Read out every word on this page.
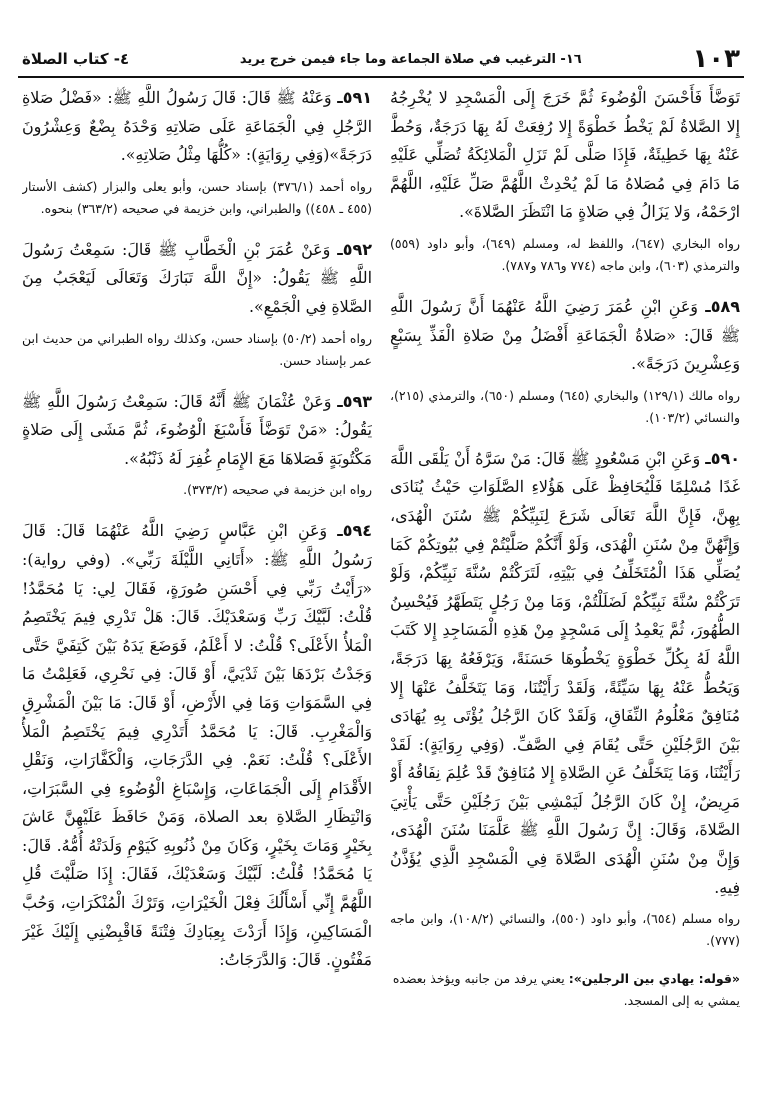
١٠٣
١٦- الترغيب في صلاة الجماعة وما جاء فيمن خرج يريد
٤- كتاب الصلاة

تَوَضَّأَ فَأَحْسَنَ الْوُضُوءَ ثُمَّ خَرَجَ إِلَى الْمَسْجِدِ لا يُخْرِجُهُ إِلا الصَّلاةُ لَمْ يَخْطُ خَطْوَةً إِلا رُفِعَتْ لَهُ بِهَا دَرَجَةٌ، وَحُطَّ عَنْهُ بِهَا خَطِيئَةٌ، فَإِذَا صَلَّى لَمْ تَزَلِ الْمَلائِكَةُ تُصَلِّي عَلَيْهِ مَا دَامَ فِي مُصَلاهُ مَا لَمْ يُحْدِثْ اللَّهُمَّ صَلِّ عَلَيْهِ، اللَّهُمَّ ارْحَمْهُ، وَلا يَزَالُ فِي صَلاةٍ مَا انْتَظَرَ الصَّلاةَ».

رواه البخاري (٦٤٧)، واللفظ له، ومسلم (٦٤٩)، وأبو داود (٥٥٩) والترمذي (٦٠٣)، وابن ماجه (٧٧٤ و٧٨٦ و٧٨٧).

٥٨٩ـ وَعَنِ ابْنِ عُمَرَ رَضِيَ اللَّهُ عَنْهُمَا أَنَّ رَسُولَ اللَّهِ ﷺ قَالَ: «صَلاةُ الْجَمَاعَةِ أَفْضَلُ مِنْ صَلاةِ الْفَذِّ بِسَبْعٍ وَعِشْرِينَ دَرَجَةً».

رواه مالك (١٢٩/١) والبخاري (٦٤٥) ومسلم (٦٥٠)، والترمذي (٢١٥)، والنسائي (١٠٣/٢).

٥٩٠ـ وَعَنِ ابْنِ مَسْعُودٍ ﷺ قَالَ: مَنْ سَرَّهُ أَنْ يَلْقَى اللَّهَ غَدًا مُسْلِمًا فَلْيُحَافِظْ عَلَى هَؤُلاءِ الصَّلَوَاتِ حَيْثُ يُنَادَى بِهِنَّ، فَإِنَّ اللَّهَ تَعَالَى شَرَعَ لِنَبِيِّكُمْ ﷺ سُنَنَ الْهُدَى، وَإِنَّهُنَّ مِنْ سُنَنِ الْهُدَى، وَلَوْ أَنَّكُمْ صَلَّيْتُمْ فِي بُيُوتِكُمْ كَمَا يُصَلِّي هَذَا الْمُتَخَلِّفُ فِي بَيْتِهِ، لَتَرَكْتُمْ سُنَّةَ نَبِيِّكُمْ، وَلَوْ تَرَكْتُمْ سُنَّةَ نَبِيِّكُمْ لَضَلَلْتُمْ، وَمَا مِنْ رَجُلٍ يَتَطَهَّرُ فَيُحْسِنُ الطُّهُورَ، ثُمَّ يَعْمِدُ إِلَى مَسْجِدٍ مِنْ هَذِهِ الْمَسَاجِدِ إِلا كَتَبَ اللَّهُ لَهُ بِكُلِّ خَطْوَةٍ يَخْطُوهَا حَسَنَةً، وَيَرْفَعُهُ بِهَا دَرَجَةً، وَيَحُطُّ عَنْهُ بِهَا سَيِّئَةً، وَلَقَدْ رَأَيْتُنَا، وَمَا يَتَخَلَّفُ عَنْهَا إِلا مُنَافِقٌ مَعْلُومُ النِّفَاقِ، وَلَقَدْ كَانَ الرَّجُلُ يُؤْتَى بِهِ يُهَادَى بَيْنَ الرَّجُلَيْنِ حَتَّى يُقَامَ فِي الصَّفِّ. (وَفِي رِوَايَةٍ): لَقَدْ رَأَيْتُنَا، وَمَا يَتَخَلَّفُ عَنِ الصَّلاةِ إِلا مُنَافِقٌ قَدْ عُلِمَ نِفَاقُهُ أَوْ مَرِيضٌ، إِنْ كَانَ الرَّجُلُ لَيَمْشِي بَيْنَ رَجُلَيْنِ حَتَّى يَأْتِيَ الصَّلاةَ، وَقَالَ: إِنَّ رَسُولَ اللَّهِ ﷺ عَلَّمَنَا سُنَنَ الْهُدَى، وَإِنَّ مِنْ سُنَنِ الْهُدَى الصَّلاةَ فِي الْمَسْجِدِ الَّذِي يُؤَذَّنُ فِيهِ.

رواه مسلم (٦٥٤)، وأبو داود (٥٥٠)، والنسائي (١٠٨/٢)، وابن ماجه (٧٧٧).

«قوله: يهادي بين الرجلين»: يعني يرفد من جانبه ويؤخذ بعضده يمشي به إلى المسجد.

٥٩١ـ وَعَنْهُ ﷺ قَالَ: قَالَ رَسُولُ اللَّهِ ﷺ: «فَضْلُ صَلاةِ الرَّجُلِ فِي الْجَمَاعَةِ عَلَى صَلاتِهِ وَحْدَهُ بِضْعٌ وَعِشْرُونَ دَرَجَةً»(وَفِي رِوَايَةٍ): «كُلُّهَا مِثْلُ صَلاتِهِ».

رواه أحمد (٣٧٦/١) بإسناد حسن، وأبو يعلى والبزار (كشف الأستار (٤٥٥ ـ ٤٥٨)) والطبراني، وابن خزيمة في صحيحه (٣٦٣/٢) بنحوه.

٥٩٢ـ وَعَنْ عُمَرَ بْنِ الْخَطَّابِ ﷺ قَالَ: سَمِعْتُ رَسُولَ اللَّهِ ﷺ يَقُولُ: «إِنَّ اللَّهَ تَبَارَكَ وَتَعَالَى لَيَعْجَبُ مِنَ الصَّلاةِ فِي الْجَمْعِ».

رواه أحمد (٥٠/٢) بإسناد حسن، وكذلك رواه الطبراني من حديث ابن عمر بإسناد حسن.

٥٩٣ـ وَعَنْ عُثْمَانَ ﷺ أَنَّهُ قَالَ: سَمِعْتُ رَسُولَ اللَّهِ ﷺ يَقُولُ: «مَنْ تَوَضَّأَ فَأَسْبَغَ الْوُضُوءَ، ثُمَّ مَشَى إِلَى صَلاةٍ مَكْتُوبَةٍ فَصَلاهَا مَعَ الإِمَامِ غُفِرَ لَهُ ذَنْبُهُ».

رواه ابن خزيمة في صحيحه (٣٧٣/٢).

٥٩٤ـ وَعَنِ ابْنِ عَبَّاسٍ رَضِيَ اللَّهُ عَنْهُمَا قَالَ: قَالَ رَسُولُ اللَّهِ ﷺ: «أَتَانِي اللَّيْلَةَ رَبِّي». (وفي رواية): «رَأَيْتُ رَبِّي فِي أَحْسَنِ صُورَةٍ، فَقَالَ لِي: يَا مُحَمَّدُ! قُلْتُ: لَبَّيْكَ رَبِّ وَسَعْدَيْكَ. قَالَ: هَلْ تَدْرِي فِيمَ يَخْتَصِمُ الْمَلأُ الأَعْلَى؟ قُلْتُ: لا أَعْلَمُ، فَوَضَعَ يَدَهُ بَيْنَ كَتِفَيَّ حَتَّى وَجَدْتُ بَرْدَهَا بَيْنَ ثَدْيَيَّ، أَوْ قَالَ: فِي نَحْرِي، فَعَلِمْتُ مَا فِي السَّمَوَاتِ وَمَا فِي الأَرْضِ، أَوْ قَالَ: مَا بَيْنَ الْمَشْرِقِ وَالْمَغْرِبِ. قَالَ: يَا مُحَمَّدُ أَتَدْرِي فِيمَ يَخْتَصِمُ الْمَلأُ الأَعْلَى؟ قُلْتُ: نَعَمْ. فِي الدَّرَجَاتِ، وَالْكَفَّارَاتِ، وَنَقْلِ الأَقْدَامِ إِلَى الْجَمَاعَاتِ، وَإِسْبَاغِ الْوُضُوءِ فِي السَّبَرَاتِ، وَانْتِظَارِ الصَّلاةِ بعد الصلاة، وَمَنْ حَافَظَ عَلَيْهِنَّ عَاشَ بِخَيْرٍ وَمَاتَ بِخَيْرٍ، وَكَانَ مِنْ ذُنُوبِهِ كَيَوْمِ وَلَدَتْهُ أُمُّهُ. قَالَ: يَا مُحَمَّدُ! قُلْتُ: لَبَّيْكَ وَسَعْدَيْكَ، فَقَالَ: إِذَا صَلَّيْتَ قُلِ اللَّهُمَّ إِنِّي أَسْأَلُكَ فِعْلَ الْخَيْرَاتِ، وَتَرْكَ الْمُنْكَرَاتِ، وَحُبَّ الْمَسَاكِينِ، وَإِذَا أَرَدْتَ بِعِبَادِكَ فِتْنَةً فَاقْبِضْنِي إِلَيْكَ غَيْرَ مَفْتُونٍ. قَالَ: وَالدَّرَجَاتُ:
